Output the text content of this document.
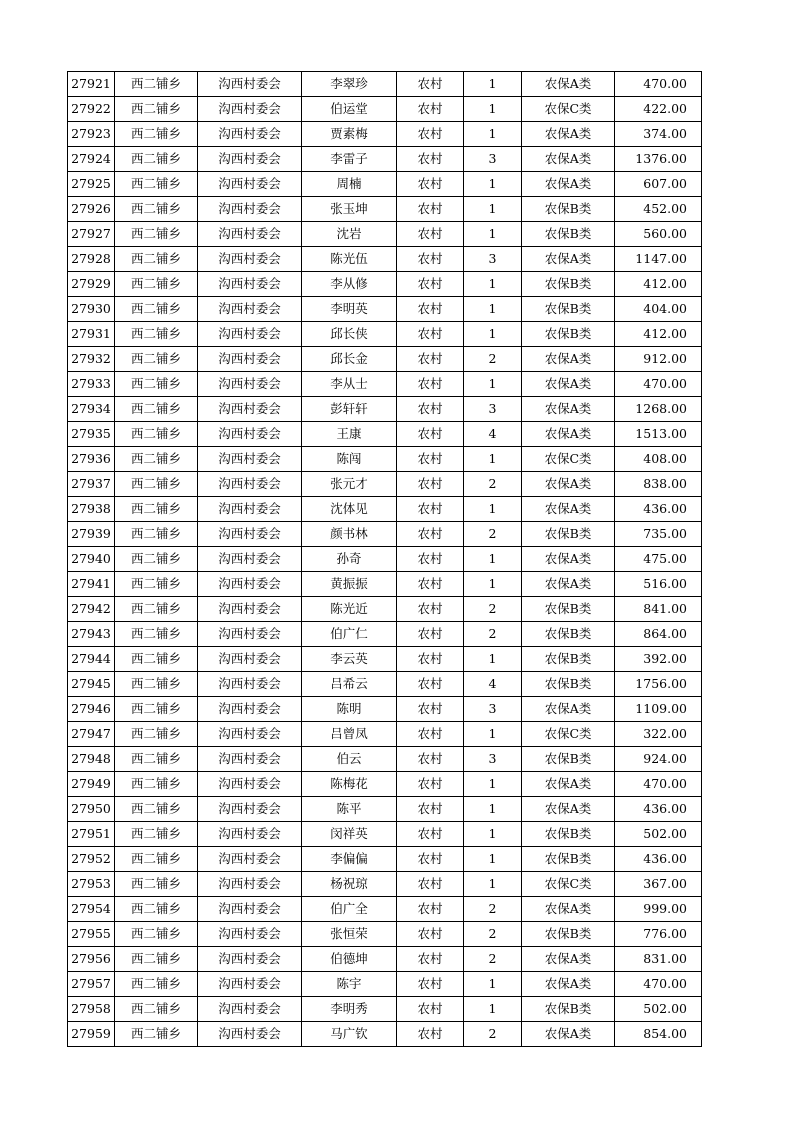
27921	西二铺乡	沟西村委会	李翠珍	农村	1	农保A类	470.00
27922	西二铺乡	沟西村委会	伯运堂	农村	1	农保C类	422.00
27923	西二铺乡	沟西村委会	贾素梅	农村	1	农保A类	374.00
27924	西二铺乡	沟西村委会	李雷子	农村	3	农保A类	1376.00
27925	西二铺乡	沟西村委会	周楠	农村	1	农保A类	607.00
27926	西二铺乡	沟西村委会	张玉坤	农村	1	农保B类	452.00
27927	西二铺乡	沟西村委会	沈岩	农村	1	农保B类	560.00
27928	西二铺乡	沟西村委会	陈光伍	农村	3	农保A类	1147.00
27929	西二铺乡	沟西村委会	李从修	农村	1	农保B类	412.00
27930	西二铺乡	沟西村委会	李明英	农村	1	农保B类	404.00
27931	西二铺乡	沟西村委会	邱长侠	农村	1	农保B类	412.00
27932	西二铺乡	沟西村委会	邱长金	农村	2	农保A类	912.00
27933	西二铺乡	沟西村委会	李从士	农村	1	农保A类	470.00
27934	西二铺乡	沟西村委会	彭轩轩	农村	3	农保A类	1268.00
27935	西二铺乡	沟西村委会	王康	农村	4	农保A类	1513.00
27936	西二铺乡	沟西村委会	陈闯	农村	1	农保C类	408.00
27937	西二铺乡	沟西村委会	张元才	农村	2	农保A类	838.00
27938	西二铺乡	沟西村委会	沈体见	农村	1	农保A类	436.00
27939	西二铺乡	沟西村委会	颜书林	农村	2	农保B类	735.00
27940	西二铺乡	沟西村委会	孙奇	农村	1	农保A类	475.00
27941	西二铺乡	沟西村委会	黄振振	农村	1	农保A类	516.00
27942	西二铺乡	沟西村委会	陈光近	农村	2	农保B类	841.00
27943	西二铺乡	沟西村委会	伯广仁	农村	2	农保B类	864.00
27944	西二铺乡	沟西村委会	李云英	农村	1	农保B类	392.00
27945	西二铺乡	沟西村委会	吕希云	农村	4	农保B类	1756.00
27946	西二铺乡	沟西村委会	陈明	农村	3	农保A类	1109.00
27947	西二铺乡	沟西村委会	吕曾凤	农村	1	农保C类	322.00
27948	西二铺乡	沟西村委会	伯云	农村	3	农保B类	924.00
27949	西二铺乡	沟西村委会	陈梅花	农村	1	农保A类	470.00
27950	西二铺乡	沟西村委会	陈平	农村	1	农保A类	436.00
27951	西二铺乡	沟西村委会	闵祥英	农村	1	农保B类	502.00
27952	西二铺乡	沟西村委会	李偏偏	农村	1	农保B类	436.00
27953	西二铺乡	沟西村委会	杨祝琼	农村	1	农保C类	367.00
27954	西二铺乡	沟西村委会	伯广全	农村	2	农保A类	999.00
27955	西二铺乡	沟西村委会	张恒荣	农村	2	农保B类	776.00
27956	西二铺乡	沟西村委会	伯德坤	农村	2	农保A类	831.00
27957	西二铺乡	沟西村委会	陈宇	农村	1	农保A类	470.00
27958	西二铺乡	沟西村委会	李明秀	农村	1	农保B类	502.00
27959	西二铺乡	沟西村委会	马广钦	农村	2	农保A类	854.00
